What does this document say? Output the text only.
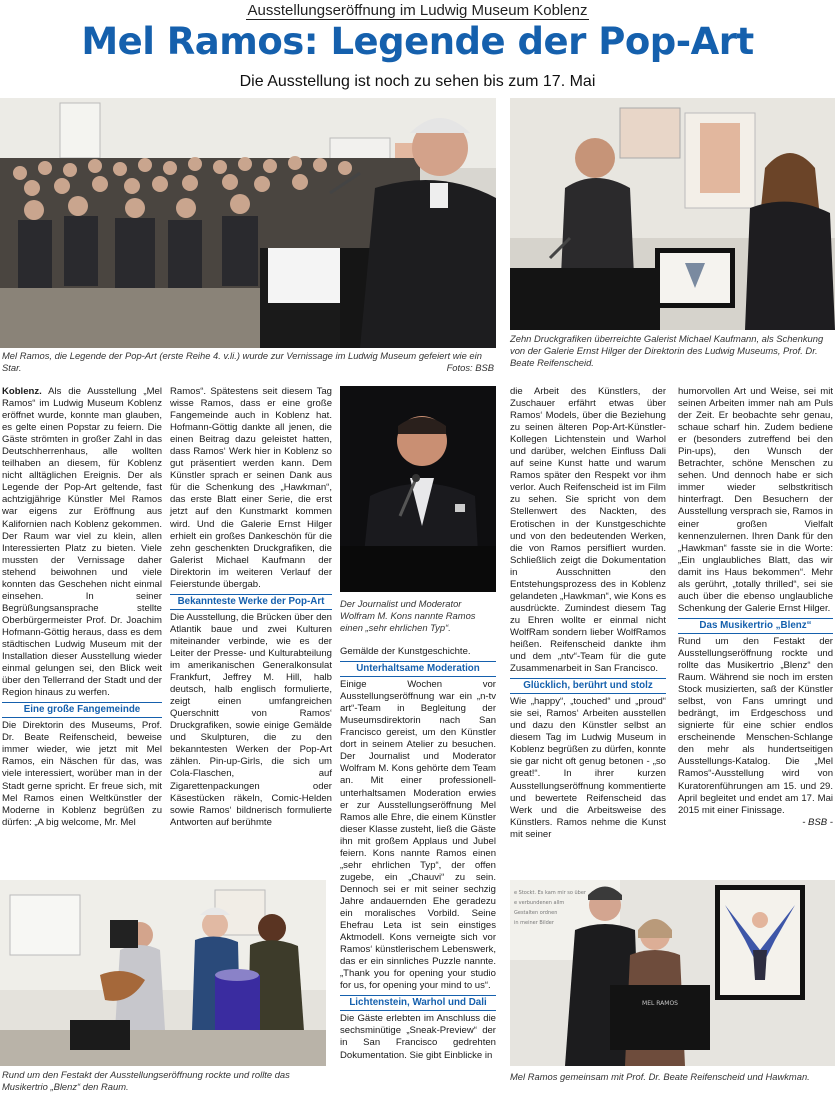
Ausstellungseröffnung im Ludwig Museum Koblenz
Mel Ramos: Legende der Pop-Art
Die Ausstellung ist noch zu sehen bis zum 17. Mai
Mel Ramos, die Legende der Pop-Art (erste Reihe 4. v.li.) wurde zur Vernissage im Ludwig Museum gefeiert wie ein Star.	Fotos: BSB
Zehn Druckgrafiken überreichte Galerist Michael Kaufmann, als Schenkung von der Galerie Ernst Hilger der Direktorin des Ludwig Museums, Prof. Dr. Beate Reifenscheid.

Koblenz. Als die Ausstellung „Mel Ramos“ im Ludwig Museum Koblenz eröffnet wurde, konnte man glauben, es gelte einen Popstar zu feiern. Die Gäste strömten in großer Zahl in das Deutschherrenhaus, alle wollten teilhaben an diesem, für Koblenz nicht alltäglichen Ereignis. Der als Legende der Pop-Art geltende, fast achtzigjährige Künstler Mel Ramos war eigens zur Eröffnung aus Kalifornien nach Koblenz gekommen. Der Raum war viel zu klein, allen Interessierten Platz zu bieten. Viele mussten der Vernissage daher stehend beiwohnen und viele konnten das Geschehen nicht einmal einsehen. In seiner Begrüßungsansprache stellte Oberbürgermeister Prof. Dr. Joachim Hofmann-Göttig heraus, dass es dem städtischen Ludwig Museum mit der Installation dieser Ausstellung wieder einmal gelungen sei, den Blick weit über den Tellerrand der Stadt und der Region hinaus zu werfen.

Eine große Fangemeinde

Die Direktorin des Museums, Prof. Dr. Beate Reifenscheid, beweise immer wieder, wie jetzt mit Mel Ramos, ein Näschen für das, was viele interessiert, worüber man in der Stadt gerne spricht. Er freue sich, mit Mel Ramos einen Weltkünstler der Moderne in Koblenz begrüßen zu dürfen: „A big welcome, Mr. Mel

Ramos“. Spätestens seit diesem Tag wisse Ramos, dass er eine große Fangemeinde auch in Koblenz hat. Hofmann-Göttig dankte all jenen, die einen Beitrag dazu geleistet hatten, dass Ramos‘ Werk hier in Koblenz so gut präsentiert werden kann. Dem Künstler sprach er seinen Dank aus für die Schenkung des „Hawkman“, das erste Blatt einer Serie, die erst jetzt auf den Kunstmarkt kommen wird. Und die Galerie Ernst Hilger erhielt ein großes Dankeschön für die zehn geschenkten Druckgrafiken, die Galerist Michael Kaufmann der Direktorin im weiteren Verlauf der Feierstunde übergab.

Bekannteste Werke der Pop-Art

Die Ausstellung, die Brücken über den Atlantik baue und zwei Kulturen miteinander verbinde, wie es der Leiter der Presse- und Kulturabteilung im amerikanischen Generalkonsulat Frankfurt, Jeffrey M. Hill, halb deutsch, halb englisch formulierte, zeigt einen umfangreichen Querschnitt von Ramos‘ Druckgrafiken, sowie einige Gemälde und Skulpturen, die zu den bekanntesten Werken der Pop-Art zählen. Pin-up-Girls, die sich um Cola-Flaschen, auf Zigarettenpackungen oder Käsestücken räkeln, Comic-Helden sowie Ramos‘ bildnerisch formulierte Antworten auf berühmte

Der Journalist und Moderator Wolfram M. Kons nannte Ramos einen „sehr ehrlichen Typ“.

Gemälde der Kunstgeschichte.

Unterhaltsame Moderation

Einige Wochen vor Ausstellungseröffnung war ein „n-tv art“-Team in Begleitung der Museumsdirektorin nach San Francisco gereist, um den Künstler dort in seinem Atelier zu besuchen. Der Journalist und Moderator Wolfram M. Kons gehörte dem Team an. Mit einer professionell-unterhaltsamen Moderation erwies er zur Ausstellungseröffnung Mel Ramos alle Ehre, die einem Künstler dieser Klasse zusteht, ließ die Gäste ihn mit großem Applaus und Jubel feiern. Kons nannte Ramos einen „sehr ehrlichen Typ“, der offen zugebe, ein „Chauvi“ zu sein. Dennoch sei er mit seiner sechzig Jahre andauernden Ehe geradezu ein moralisches Vorbild. Seine Ehefrau Leta ist sein einstiges Aktmodell. Kons verneigte sich vor Ramos‘ künstlerischem Lebenswerk, das er ein sinnliches Puzzle nannte. „Thank you for opening your studio for us, for opening your mind to us“.

Lichtenstein, Warhol und Dali

Die Gäste erlebten im Anschluss die sechsminütige „Sneak-Preview“ der in San Francisco gedrehten Dokumentation. Sie gibt Einblicke in

die Arbeit des Künstlers, der Zuschauer erfährt etwas über Ramos‘ Models, über die Beziehung zu seinen älteren Pop-Art-Künstler-Kollegen Lichtenstein und Warhol und darüber, welchen Einfluss Dali auf seine Kunst hatte und warum Ramos später den Respekt vor ihm verlor. Auch Reifenscheid ist im Film zu sehen. Sie spricht von dem Stellenwert des Nackten, des Erotischen in der Kunstgeschichte und von den bedeutenden Werken, die von Ramos persifliert wurden. Schließlich zeigt die Dokumentation in Ausschnitten den Entstehungsprozess des in Koblenz gelandeten „Hawkman“, wie Kons es ausdrückte. Zumindest diesem Tag zu Ehren wollte er einmal nicht WolfRam sondern lieber WolfRamos heißen. Reifenscheid dankte ihm und dem „ntv“-Team für die gute Zusammenarbeit in San Francisco.

Glücklich, berührt und stolz

Wie „happy“, „touched“ und „proud“ sie sei, Ramos‘ Arbeiten ausstellen und dazu den Künstler selbst an diesem Tag im Ludwig Museum in Koblenz begrüßen zu dürfen, konnte sie gar nicht oft genug betonen - „so great!“. In ihrer kurzen Ausstellungseröffnung kommentierte und bewertete Reifenscheid das Werk und die Arbeitsweise des Künstlers. Ramos nehme die Kunst mit seiner

humorvollen Art und Weise, sei mit seinen Arbeiten immer nah am Puls der Zeit. Er beobachte sehr genau, schaue scharf hin. Zudem bediene er (besonders zutreffend bei den Pin-ups), den Wunsch der Betrachter, schöne Menschen zu sehen. Und dennoch habe er sich immer wieder selbstkritisch hinterfragt. Den Besuchern der Ausstellung versprach sie, Ramos in einer großen Vielfalt kennenzulernen. Ihren Dank für den „Hawkman“ fasste sie in die Worte: „Ein unglaubliches Blatt, das wir damit ins Haus bekommen“. Mehr als gerührt, „totally thrilled“, sei sie auch über die ebenso unglaubliche Schenkung der Galerie Ernst Hilger.

Das Musikertrio „Blenz“

Rund um den Festakt der Ausstellungseröffnung rockte und rollte das Musikertrio „Blenz“ den Raum. Während sie noch im ersten Stock musizierten, saß der Künstler selbst, von Fans umringt und bedrängt, im Erdgeschoss und signierte für eine schier endlos erscheinende Menschen-Schlange den mehr als hundertseitigen Ausstellungs-Katalog. Die „Mel Ramos“-Ausstellung wird von Kuratorenführungen am 15. und 29. April begleitet und endet am 17. Mai 2015 mit einer Finissage.

- BSB -

Rund um den Festakt der Ausstellungseröffnung rockte und rollte das Musikertrio „Blenz“ den Raum.
e Stockt. Es kam mir so über
e verbundenen allm
Gestalten ordnen
in meiner Bilder
MEL RAMOS
Mel Ramos gemeinsam mit Prof. Dr. Beate Reifenscheid und Hawkman.
